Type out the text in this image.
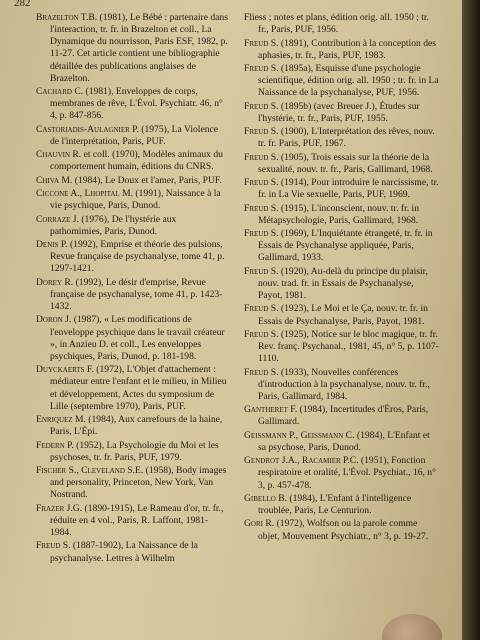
282
Brazelton T.B. (1981), Le Bébé : partenaire dans l'interaction, tr. fr. in Brazelton et coll., La Dynamique du nourrisson, Paris ESF, 1982, p. 11-27. Cet article contient une bibliographie détaillée des publications anglaises de Brazelton.
Cachard C. (1981), Enveloppes de corps, membranes de rêve, L'Évol. Psychiatr. 46, n° 4, p. 847-856.
Castoriadis-Aulagnier P. (1975), La Violence de l'interprétation, Paris, PUF.
Chauvin R. et coll. (1970), Modèles animaux du comportement humain, éditions du CNRS.
Chiva M. (1984), Le Doux et l'amer, Paris, PUF.
Ciccone A., Lhopital M. (1991), Naissance à la vie psychique, Paris, Dunod.
Corraze J. (1976), De l'hystérie aux pathomimies, Paris, Dunod.
Denis P. (1992), Emprise et théorie des pulsions, Revue française de psychanalyse, tome 41, p. 1297-1421.
Dorey R. (1992), Le désir d'emprise, Revue française de psychanalyse, tome 41, p. 1423-1432.
Doron J. (1987), « Les modifications de l'enveloppe psychique dans le travail créateur », in Anzieu D. et coll., Les enveloppes psychiques, Paris, Dunod, p. 181-198.
Duyckaerts F. (1972), L'Objet d'attachement : médiateur entre l'enfant et le milieu, in Milieu et développement, Actes du symposium de Lille (septembre 1970), Paris, PUF.
Enriquez M. (1984), Aux carrefours de la haine, Paris, L'Épi.
Federn P. (1952), La Psychologie du Moi et les psychoses, tr. fr. Paris, PUF, 1979.
Fischer S., Cleveland S.E. (1958), Body images and personality, Princeton, New York, Van Nostrand.
Frazer J.G. (1890-1915), Le Rameau d'or, tr. fr., réduite en 4 vol., Paris, R. Laffont, 1981-1984.
Freud S. (1887-1902), La Naissance de la psychanalyse. Lettres à Wilhelm
Fliess ; notes et plans, édition orig. all. 1950 ; tr. fr., Paris, PUF, 1956.
Freud S. (1891), Contribution à la conception des aphasies, tr. fr., Paris, PUF, 1983.
Freud S. (1895a), Esquisse d'une psychologie scientifique, édition orig. all. 1950 ; tr. fr. in La Naissance de la psychanalyse, PUF, 1956.
Freud S. (1895b) (avec Breuer J.), Études sur l'hystérie, tr. fr., Paris, PUF, 1955.
Freud S. (1900), L'Interprétation des rêves, nouv. tr. fr. Paris, PUF, 1967.
Freud S. (1905), Trois essais sur la théorie de la sexualité, nouv. tr. fr., Paris, Gallimard, 1968.
Freud S. (1914), Pour introduire le narcissisme, tr. fr. in La Vie sexuelle, Paris, PUF, 1969.
Freud S. (1915), L'inconscient, nouv. tr. fr. in Métapsychologie, Paris, Gallimard, 1968.
Freud S. (1969), L'Inquiétante étrangeté, tr. fr. in Essais de Psychanalyse appliquée, Paris, Gallimard, 1933.
Freud S. (1920), Au-delà du principe du plaisir, nouv. trad. fr. in Essais de Psychanalyse, Payot, 1981.
Freud S. (1923), Le Moi et le Ça, nouv. tr. fr. in Essais de Psychanalyse, Paris, Payot, 1981.
Freud S. (1925), Notice sur le bloc magique, tr. fr. Rev. franç. Psychanal., 1981, 45, n° 5, p. 1107-1110.
Freud S. (1933), Nouvelles conférences d'introduction à la psychanalyse, nouv. tr. fr., Paris, Gallimard, 1984.
Gantheret F. (1984), Incertitudes d'Éros, Paris, Gallimard.
Geissmann P., Geissmann C. (1984), L'Enfant et sa psychose, Paris, Dunod.
Gendrot J.A., Racamier P.C. (1951), Fonction respiratoire et oralité, L'Évol. Psychiat., 16, n° 3, p. 457-478.
Gibello B. (1984), L'Enfant à l'intelligence troublée, Paris, Le Centurion.
Gori R. (1972), Wolfson ou la parole comme objet, Mouvement Psychiatr., n° 3, p. 19-27.
